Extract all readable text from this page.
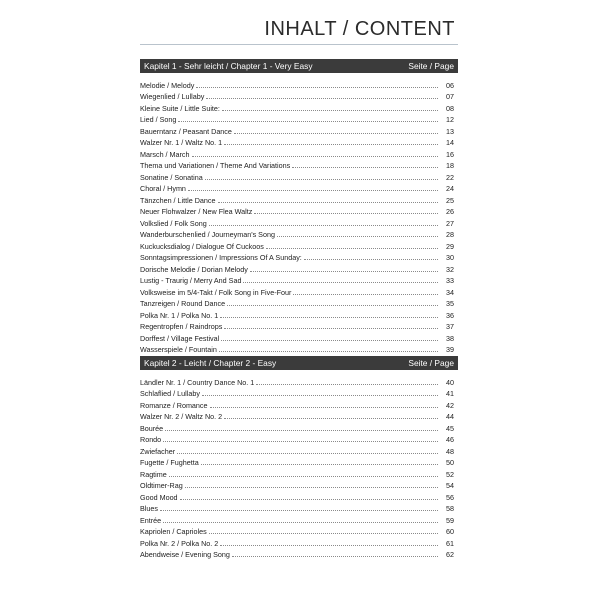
INHALT / CONTENT
Kapitel 1 - Sehr leicht / Chapter 1 - Very Easy	Seite / Page
Melodie / Melody	06
Wiegenlied / Lullaby	07
Kleine Suite / Little Suite:	08
Lied / Song	12
Bauerntanz / Peasant Dance	13
Walzer Nr. 1 / Waltz No. 1	14
Marsch / March	16
Thema und Variationen / Theme And Variations	18
Sonatine / Sonatina	22
Choral / Hymn	24
Tänzchen / Little Dance	25
Neuer Flohwalzer / New Flea Waltz	26
Volkslied / Folk Song	27
Wanderburschenlied / Journeyman's Song	28
Kuckucksdialog / Dialogue Of Cuckoos	29
Sonntagsimpressionen / Impressions Of A Sunday:	30
Dorische Melodie / Dorian Melody	32
Lustig - Traurig / Merry And Sad	33
Volksweise im 5/4-Takt / Folk Song in Five-Four	34
Tanzreigen / Round Dance	35
Polka Nr. 1 / Polka No. 1	36
Regentropfen / Raindrops	37
Dorffest / Village Festival	38
Wasserspiele / Fountain	39
Kapitel 2 - Leicht / Chapter 2 - Easy	Seite / Page
Ländler Nr. 1 / Country Dance No. 1	40
Schlaflied / Lullaby	41
Romanze / Romance	42
Walzer Nr. 2 / Waltz No. 2	44
Bourée	45
Rondo	46
Zwiefacher	48
Fugette / Fughetta	50
Ragtime	52
Oldtimer-Rag	54
Good Mood	56
Blues	58
Entrée	59
Kapriolen / Caprioles	60
Polka Nr. 2 / Polka No. 2	61
Abendweise / Evening Song	62
